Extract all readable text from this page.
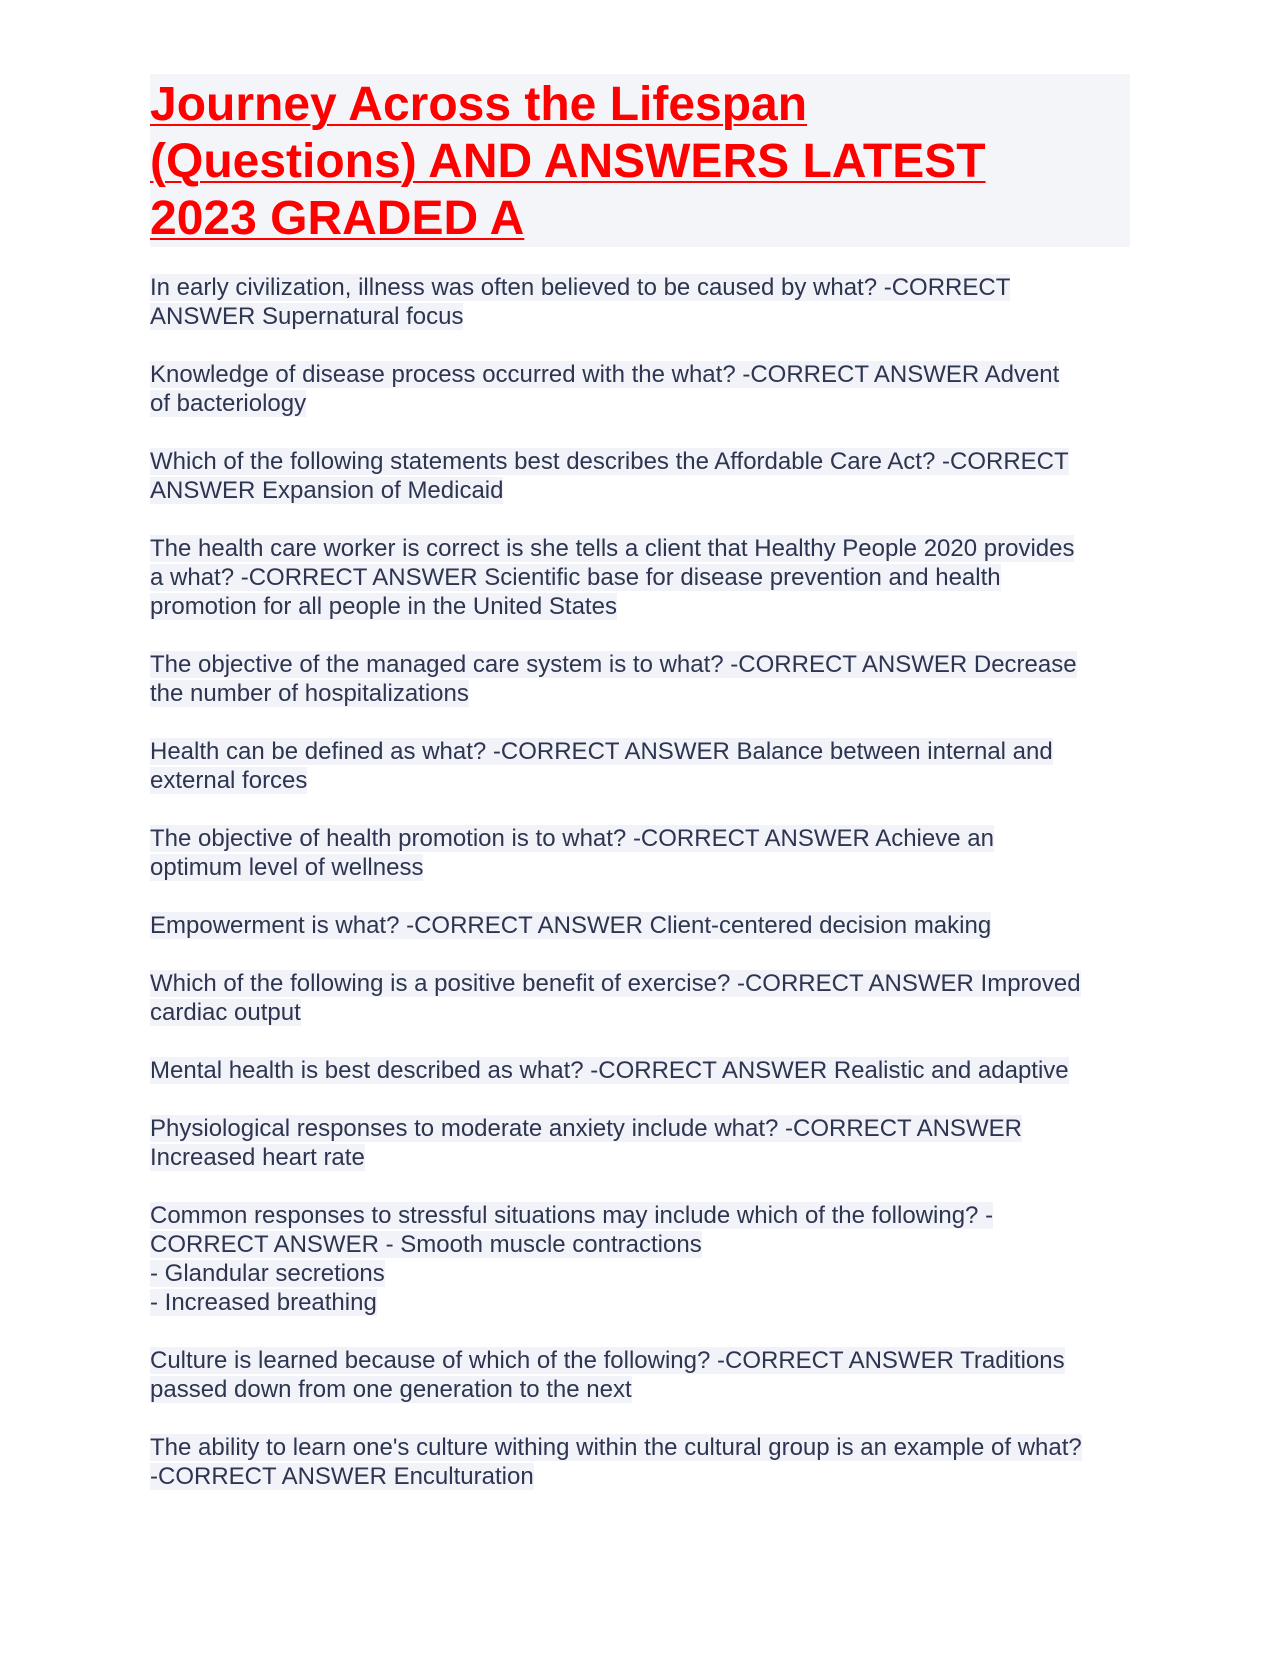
Journey Across the Lifespan
(Questions) AND ANSWERS LATEST
2023 GRADED A

In early civilization, illness was often believed to be caused by what? -CORRECT
ANSWER Supernatural focus

Knowledge of disease process occurred with the what? -CORRECT ANSWER Advent
of bacteriology

Which of the following statements best describes the Affordable Care Act? -CORRECT
ANSWER Expansion of Medicaid

The health care worker is correct is she tells a client that Healthy People 2020 provides
a what? -CORRECT ANSWER Scientific base for disease prevention and health
promotion for all people in the United States

The objective of the managed care system is to what? -CORRECT ANSWER Decrease
the number of hospitalizations

Health can be defined as what? -CORRECT ANSWER Balance between internal and
external forces

The objective of health promotion is to what? -CORRECT ANSWER Achieve an
optimum level of wellness

Empowerment is what? -CORRECT ANSWER Client-centered decision making

Which of the following is a positive benefit of exercise? -CORRECT ANSWER Improved
cardiac output

Mental health is best described as what? -CORRECT ANSWER Realistic and adaptive

Physiological responses to moderate anxiety include what? -CORRECT ANSWER
Increased heart rate

Common responses to stressful situations may include which of the following? -
CORRECT ANSWER - Smooth muscle contractions
- Glandular secretions
- Increased breathing

Culture is learned because of which of the following? -CORRECT ANSWER Traditions
passed down from one generation to the next

The ability to learn one's culture withing within the cultural group is an example of what?
-CORRECT ANSWER Enculturation
